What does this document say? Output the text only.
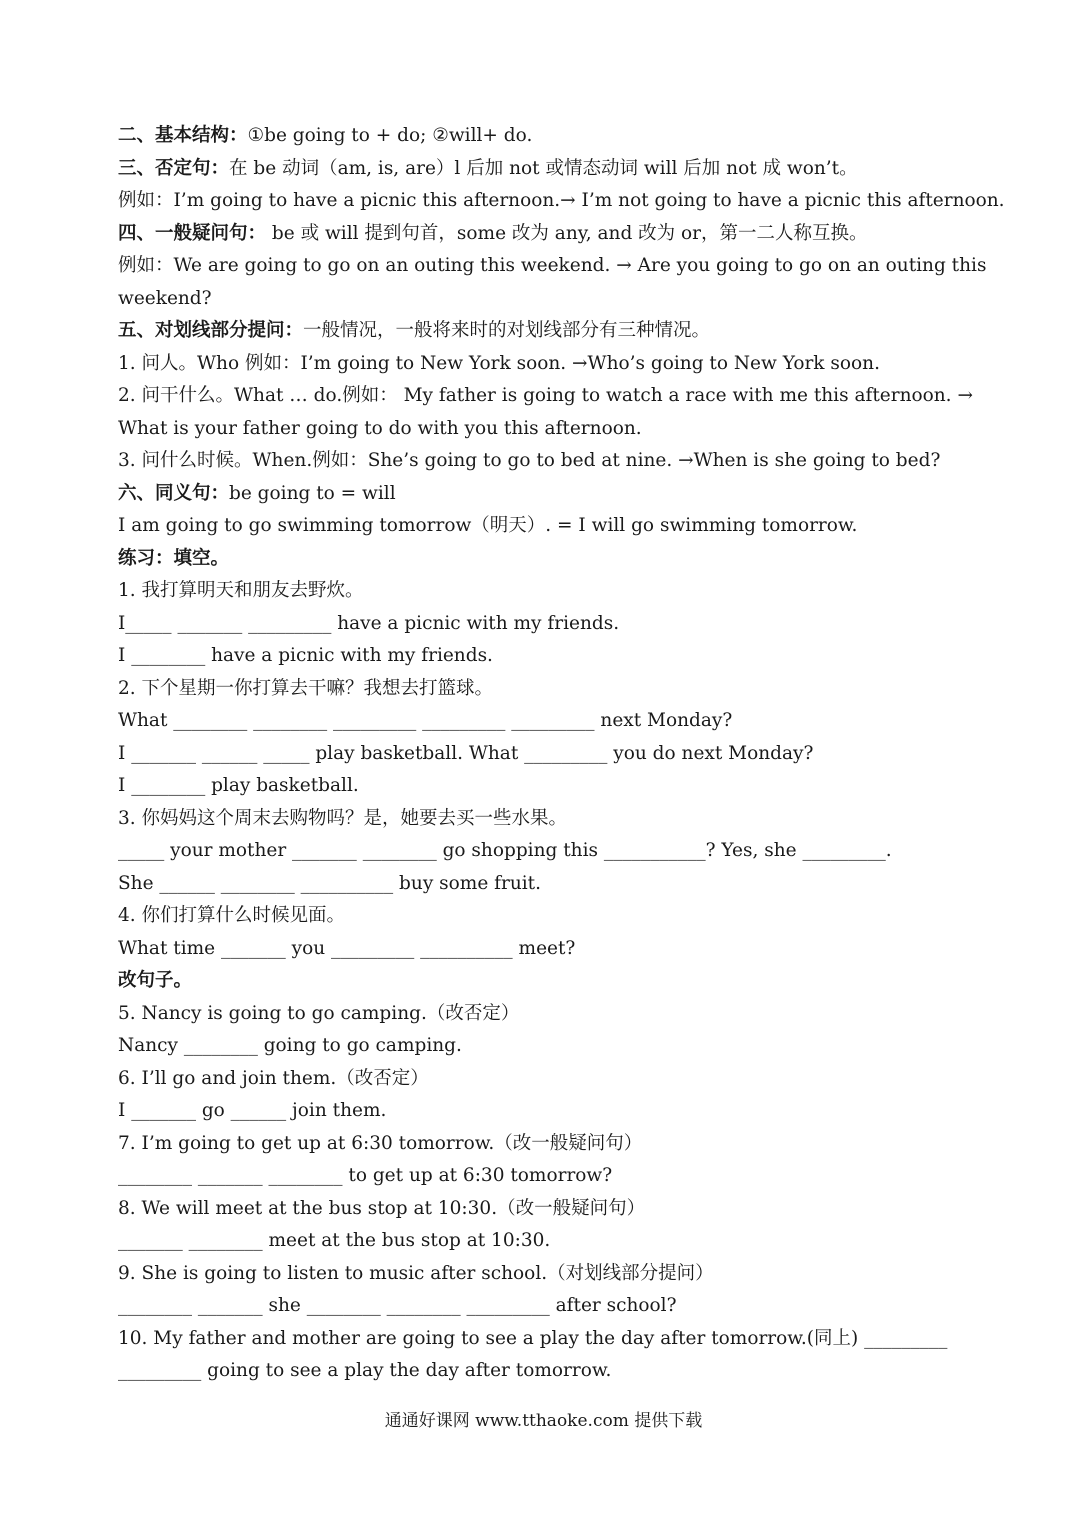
二、基本结构：①be going to + do; ②will+ do.
三、否定句：在 be 动词（am, is, are）l 后加 not 或情态动词 will 后加 not 成 won’t。
例如：I’m going to have a picnic this afternoon.→ I’m not going to have a picnic this afternoon.
四、一般疑问句： be 或 will 提到句首，some 改为 any, and 改为 or，第一二人称互换。
例如：We are going to go on an outing this weekend. → Are you going to go on an outing this
weekend?
五、对划线部分提问：一般情况，一般将来时的对划线部分有三种情况。
1. 问人。Who 例如：I’m going to New York soon. →Who’s going to New York soon.
2. 问干什么。What … do.例如： My father is going to watch a race with me this afternoon. →
What is your father going to do with you this afternoon.
3. 问什么时候。When.例如：She’s going to go to bed at nine. →When is she going to bed?
六、同义句：be going to = will
I am going to go swimming tomorrow（明天）. = I will go swimming tomorrow.
练习：填空。
1. 我打算明天和朋友去野炊。
I_____ _______ _________ have a picnic with my friends.
I ________ have a picnic with my friends.
2. 下个星期一你打算去干嘛？我想去打篮球。
What ________ ________ _________ _________ _________ next Monday?
I _______ ______ _____ play basketball. What _________ you do next Monday?
I ________ play basketball.
3. 你妈妈这个周末去购物吗？是，她要去买一些水果。
_____ your mother _______ ________ go shopping this ___________? Yes, she _________.
She ______ ________ __________ buy some fruit.
4. 你们打算什么时候见面。
What time _______ you _________ __________ meet?
改句子。
5. Nancy is going to go camping.（改否定）
Nancy ________ going to go camping.
6. I’ll go and join them.（改否定）
I _______ go ______ join them.
7. I’m going to get up at 6:30 tomorrow.（改一般疑问句）
________ _______ ________ to get up at 6:30 tomorrow?
8. We will meet at the bus stop at 10:30.（改一般疑问句）
_______ ________ meet at the bus stop at 10:30.
9. She is going to listen to music after school.（对划线部分提问）
________ _______ she ________ ________ _________ after school?
10. My father and mother are going to see a play the day after tomorrow.(同上) _________
_________ going to see a play the day after tomorrow.
通通好课网 www.tthaoke.com 提供下载
